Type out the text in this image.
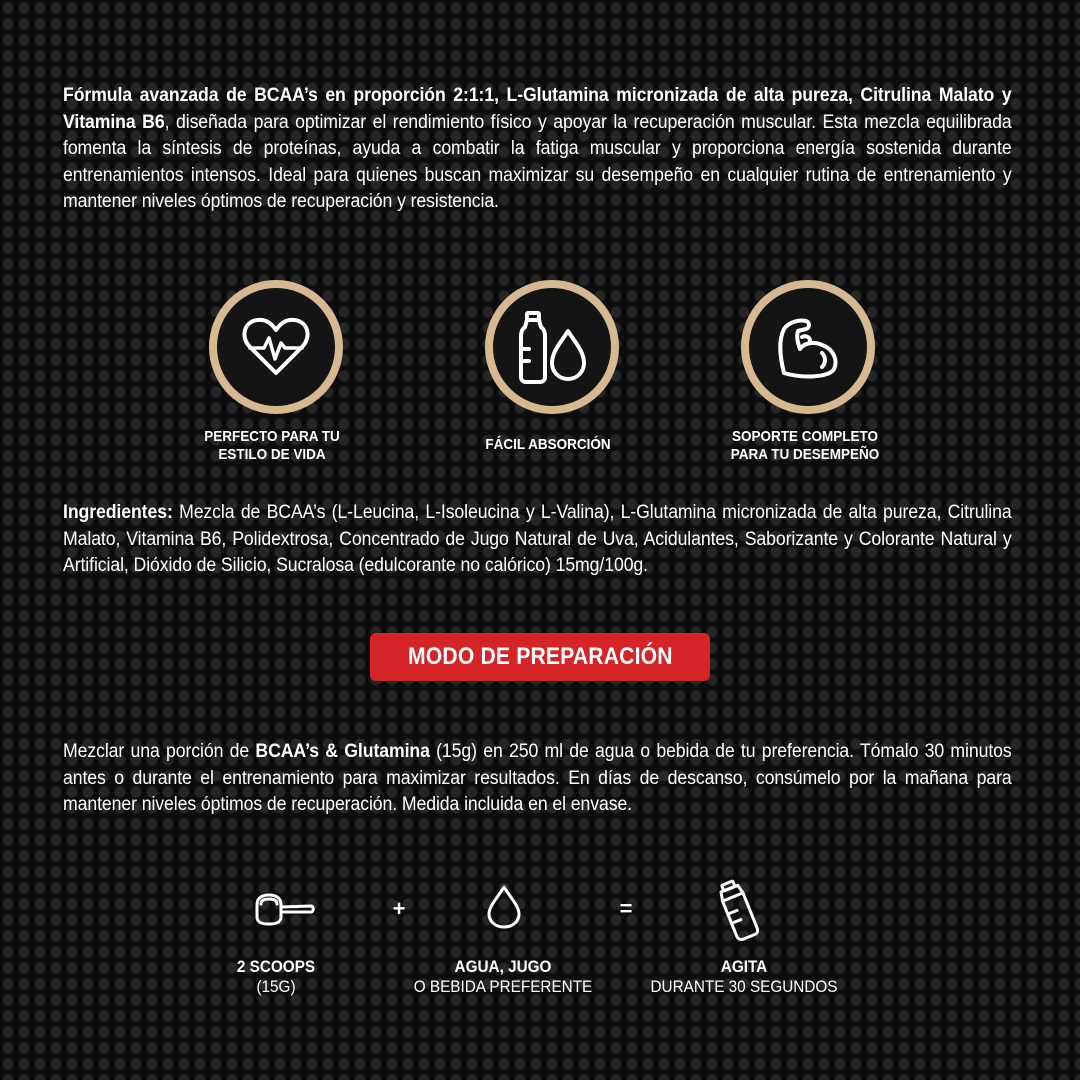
Fórmula avanzada de BCAA’s en proporción 2:1:1, L-Glutamina micronizada de alta pureza, Citrulina Malato y Vitamina B6, diseñada para optimizar el rendimiento físico y apoyar la recuperación muscular. Esta mezcla equilibrada fomenta la síntesis de proteínas, ayuda a combatir la fatiga muscular y proporciona energía sostenida durante entrenamientos intensos. Ideal para quienes buscan maximizar su desempeño en cualquier rutina de entrenamiento y mantener niveles óptimos de recuperación y resistencia.

PERFECTO PARA TU
ESTILO DE VIDA
FÁCIL ABSORCIÓN	SOPORTE COMPLETO
PARA TU DESEMPEÑO

Ingredientes: Mezcla de BCAA’s (L-Leucina, L-Isoleucina y L-Valina), L-Glutamina micronizada de alta pureza, Citrulina Malato, Vitamina B6, Polidextrosa, Concentrado de Jugo Natural de Uva, Acidulantes, Saborizante y Colorante Natural y Artificial, Dióxido de Silicio, Sucralosa (edulcorante no calórico) 15mg/100g.

MODO DE PREPARACIÓN

Mezclar una porción de BCAA’s & Glutamina (15g) en 250 ml de agua o bebida de tu preferencia. Tómalo 30 minutos antes o durante el entrenamiento para maximizar resultados. En días de descanso, consúmelo por la mañana para mantener niveles óptimos de recuperación. Medida incluida en el envase.

+	=
2 SCOOPS
(15G)
AGUA, JUGO
O BEBIDA PREFERENTE
AGITA
DURANTE 30 SEGUNDOS
